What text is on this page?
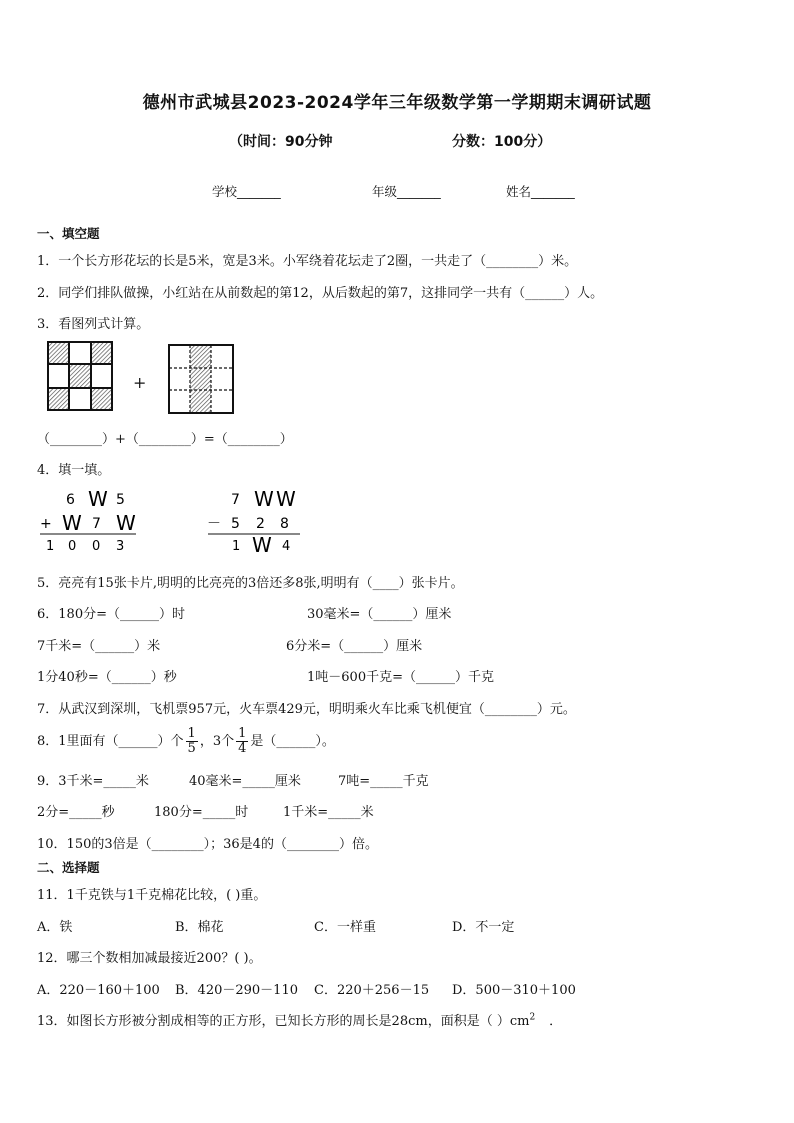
德州市武城县2023-2024学年三年级数学第一学期期末调研试题
（时间：90分钟	分数：100分）
学校_______	年级_______	姓名_______
一、填空题
1．一个长方形花坛的长是5米，宽是3米。小军绕着花坛走了2圈，一共走了（________）米。
2．同学们排队做操，小红站在从前数起的第12，从后数起的第7，这排同学一共有（______）人。
3．看图列式计算。
+
（________）+（________）=（________）
4．填一填。
6 W 5
+ W 7 W
1 0 0 3
7 W W
－ 5 2 8
1 W 4
5．亮亮有15张卡片,明明的比亮亮的3倍还多8张,明明有（____）张卡片。
6．180分=（______）时	30毫米=（______）厘米
7千米=（______）米	6分米=（______）厘米
1分40秒=（______）秒	1吨－600千克=（______）千克
7．从武汉到深圳，飞机票957元，火车票429元，明明乘火车比乘飞机便宜（________）元。
8．1里面有（______）个 $\frac{1}{5}$ ，3个 $\frac{1}{4}$ 是（______）。
9．3千米=_____米	40毫米=_____厘米	7吨=_____千克
2分=_____秒	180分=_____时	1千米=_____米
10．150的3倍是（________）；36是4的（________）倍。
二、选择题
11．1千克铁与1千克棉花比较，( )重。
A．铁	B．棉花	C．一样重	D．不一定
12．哪三个数相加减最接近200？( )。
A．220－160＋100 B．420－290－110 C．220＋256－15 D．500－310＋100
13．如图长方形被分割成相等的正方形，已知长方形的周长是28cm，面积是（ ）$cm^2$ ．
